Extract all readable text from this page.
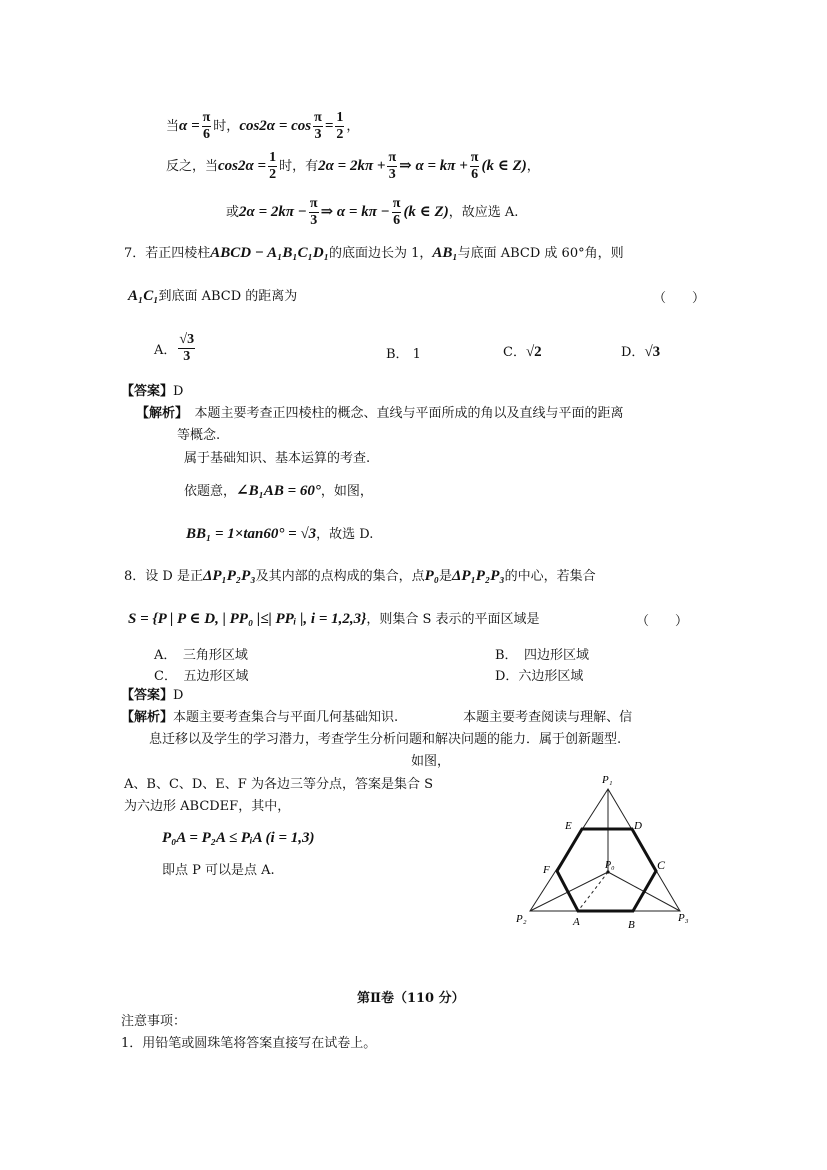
当$\alpha = \frac{\pi}{6}$ 时，$\cos 2\alpha = \cos \frac{\pi}{3} = \frac{1}{2}$ ，
反之，当$\cos 2\alpha = \frac{1}{2}$ 时，有$2\alpha = 2k\pi + \frac{\pi}{3}$ ⇒ $\alpha = k\pi + \frac{\pi}{6} (k$ ∈ Z)，
或$2\alpha = 2k\pi - \frac{\pi}{3}$ ⇒ $\alpha = k\pi - \frac{\pi}{6} (k$ ∈ Z)，故应选 A.
7．若正四棱柱ABCD − A₁B₁C₁D₁的底面边长为 1，AB₁与底面 ABCD 成 60°角，则
A₁C₁到底面 ABCD 的距离为	（　　）
A． $\frac{√3}{3}$	B． 1	C．√2	D．√3
【答案】D
【解析】　本题主要考查正四棱柱的概念、直线与平面所成的角以及直线与平面的距离
等概念.
属于基础知识、基本运算的考查.
依题意，∠B₁AB = 60°，如图，
BB₁ = 1×tan60° = √3，故选 D.
8．设 D 是正ΔP₁P₂P₃及其内部的点构成的集合，点P₀是ΔP₁P₂P₃的中心，若集合
S = {P | P ∈ D, | PP₀ |≤| PPᵢ |, i = 1,2,3}，则集合 S 表示的平面区域是	（　　）
A．　三角形区域	B．　四边形区域
C．　五边形区域	D．六边形区域
【答案】D
【解析】本题主要考查集合与平面几何基础知识.　　　　　本题主要考查阅读与理解、信
息迁移以及学生的学习潜力，考查学生分析问题和解决问题的能力．属于创新题型.
如图，
A、B、C、D、E、F 为各边三等分点，答案是集合 S
为六边形 ABCDEF，其中，
P₀A = P₂A ≤ PᵢA (i = 1,3)
即点 P 可以是点 A.
P₁
P₂	P₃
P₀
A	B
C
D
E
F
第Ⅱ卷（110 分）
注意事项：
1．用铅笔或圆珠笔将答案直接写在试卷上。
